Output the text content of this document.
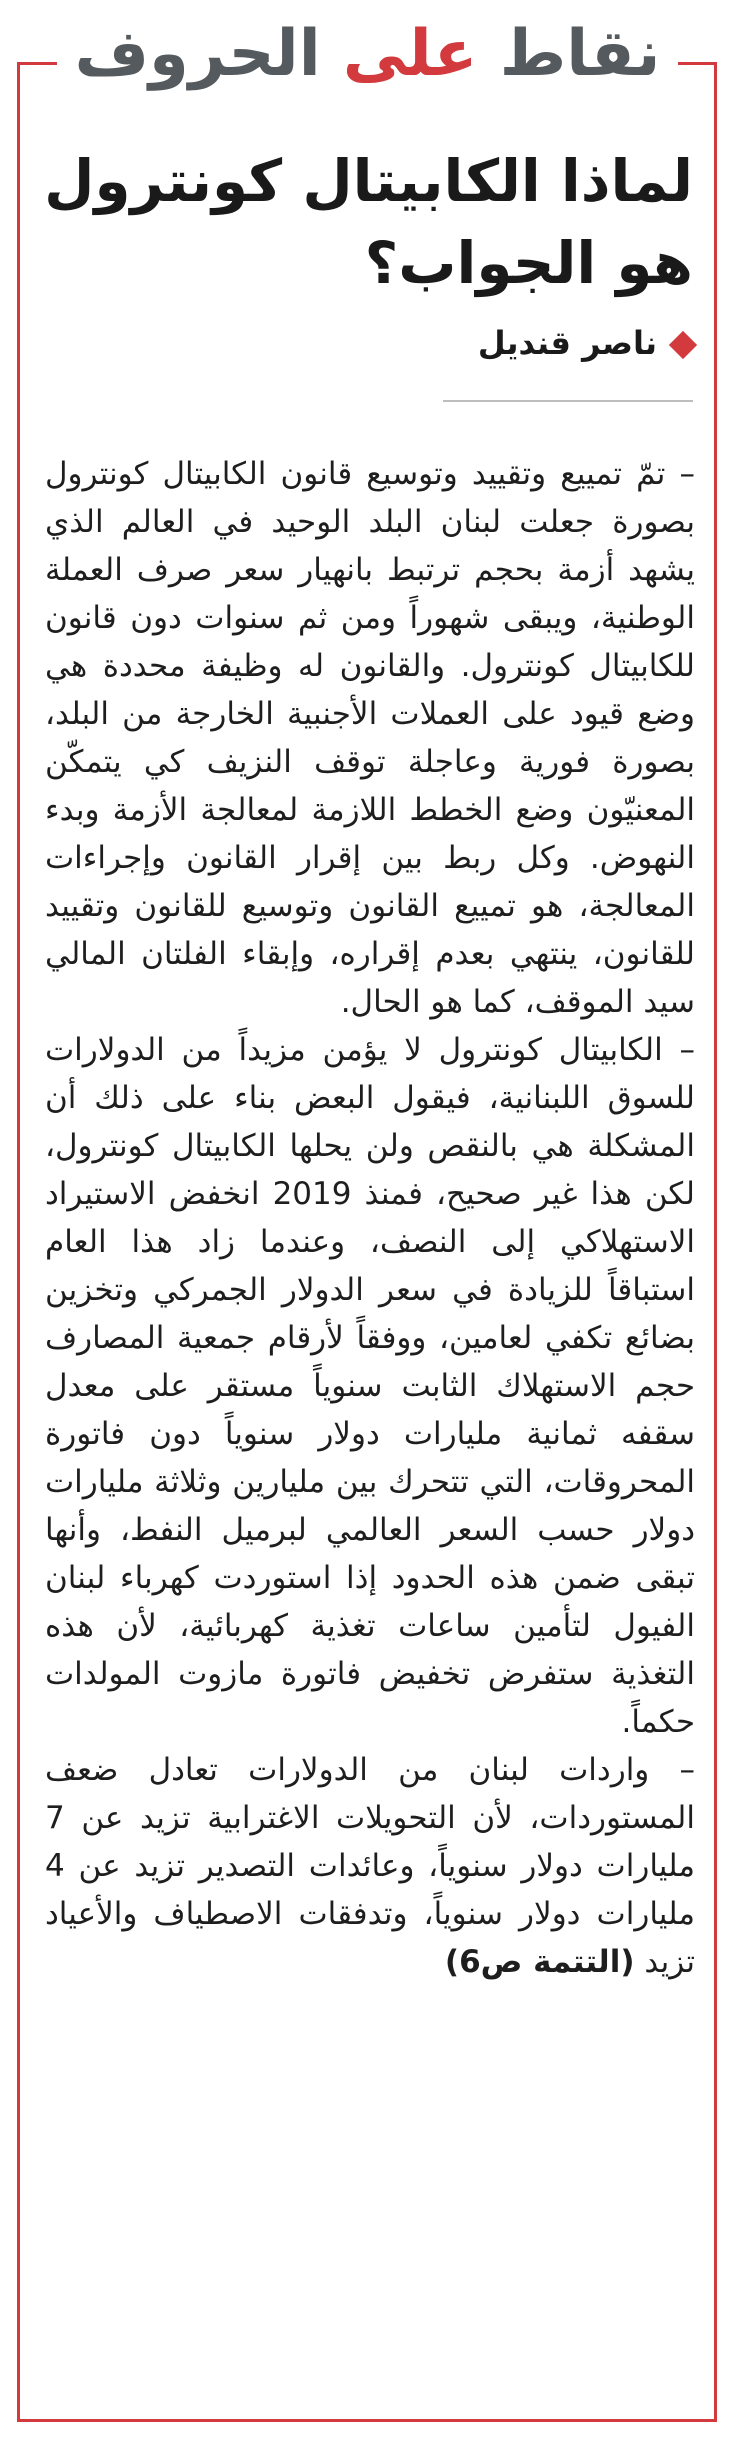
نقاط على الحروف
لماذا الكابيتال كونترول هو الجواب؟
ناصر قنديل

– تمّ تمييع وتقييد وتوسيع قانون الكابيتال كونترول بصورة جعلت لبنان البلد الوحيد في العالم الذي يشهد أزمة بحجم ترتبط بانهيار سعر صرف العملة الوطنية، ويبقى شهوراً ومن ثم سنوات دون قانون للكابيتال كونترول. والقانون له وظيفة محددة هي وضع قيود على العملات الأجنبية الخارجة من البلد، بصورة فورية وعاجلة توقف النزيف كي يتمكّن المعنيّون وضع الخطط اللازمة لمعالجة الأزمة وبدء النهوض. وكل ربط بين إقرار القانون وإجراءات المعالجة، هو تمييع القانون وتوسيع للقانون وتقييد للقانون، ينتهي بعدم إقراره، وإبقاء الفلتان المالي سيد الموقف، كما هو الحال.

– الكابيتال كونترول لا يؤمن مزيداً من الدولارات للسوق اللبنانية، فيقول البعض بناء على ذلك أن المشكلة هي بالنقص ولن يحلها الكابيتال كونترول، لكن هذا غير صحيح، فمنذ 2019 انخفض الاستيراد الاستهلاكي إلى النصف، وعندما زاد هذا العام استباقاً للزيادة في سعر الدولار الجمركي وتخزين بضائع تكفي لعامين، ووفقاً لأرقام جمعية المصارف حجم الاستهلاك الثابت سنوياً مستقر على معدل سقفه ثمانية مليارات دولار سنوياً دون فاتورة المحروقات، التي تتحرك بين مليارين وثلاثة مليارات دولار حسب السعر العالمي لبرميل النفط، وأنها تبقى ضمن هذه الحدود إذا استوردت كهرباء لبنان الفيول لتأمين ساعات تغذية كهربائية، لأن هذه التغذية ستفرض تخفيض فاتورة مازوت المولدات حكماً.

– واردات لبنان من الدولارات تعادل ضعف المستوردات، لأن التحويلات الاغترابية تزيد عن 7 مليارات دولار سنوياً، وعائدات التصدير تزيد عن 4 مليارات دولار سنوياً، وتدفقات الاصطياف والأعياد تزيد (التتمة ص6)
